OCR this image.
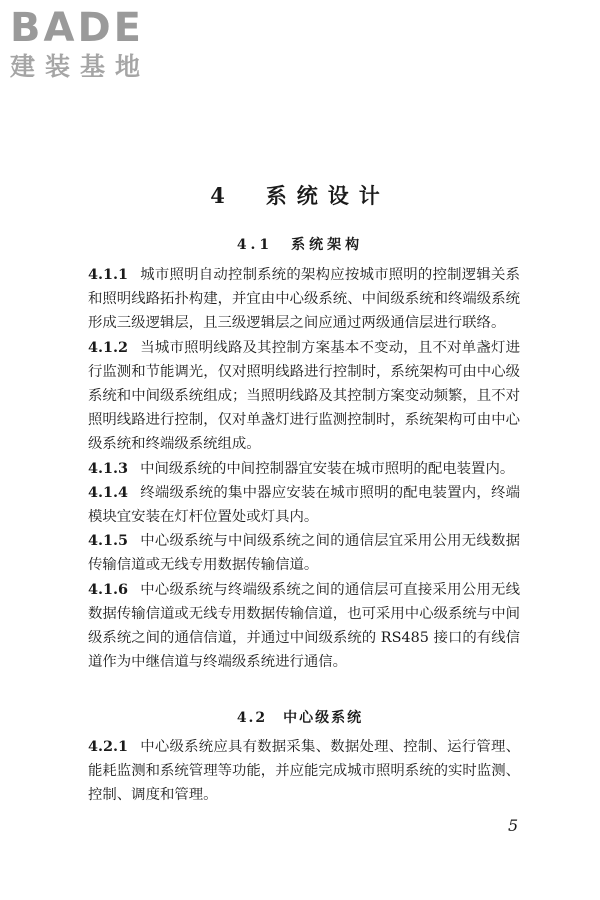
BADE
建装基地
4　系统设计
4.1　系统架构

4.1.1 城市照明自动控制系统的架构应按城市照明的控制逻辑关系和照明线路拓扑构建，并宜由中心级系统、中间级系统和终端级系统形成三级逻辑层，且三级逻辑层之间应通过两级通信层进行联络。

4.1.2 当城市照明线路及其控制方案基本不变动，且不对单盏灯进行监测和节能调光，仅对照明线路进行控制时，系统架构可由中心级系统和中间级系统组成；当照明线路及其控制方案变动频繁，且不对照明线路进行控制，仅对单盏灯进行监测控制时，系统架构可由中心级系统和终端级系统组成。

4.1.3 中间级系统的中间控制器宜安装在城市照明的配电装置内。

4.1.4 终端级系统的集中器应安装在城市照明的配电装置内，终端模块宜安装在灯杆位置处或灯具内。

4.1.5 中心级系统与中间级系统之间的通信层宜采用公用无线数据传输信道或无线专用数据传输信道。

4.1.6 中心级系统与终端级系统之间的通信层可直接采用公用无线数据传输信道或无线专用数据传输信道，也可采用中心级系统与中间级系统之间的通信信道，并通过中间级系统的 RS485 接口的有线信道作为中继信道与终端级系统进行通信。

4.2　中心级系统

4.2.1 中心级系统应具有数据采集、数据处理、控制、运行管理、能耗监测和系统管理等功能，并应能完成城市照明系统的实时监测、控制、调度和管理。

5
